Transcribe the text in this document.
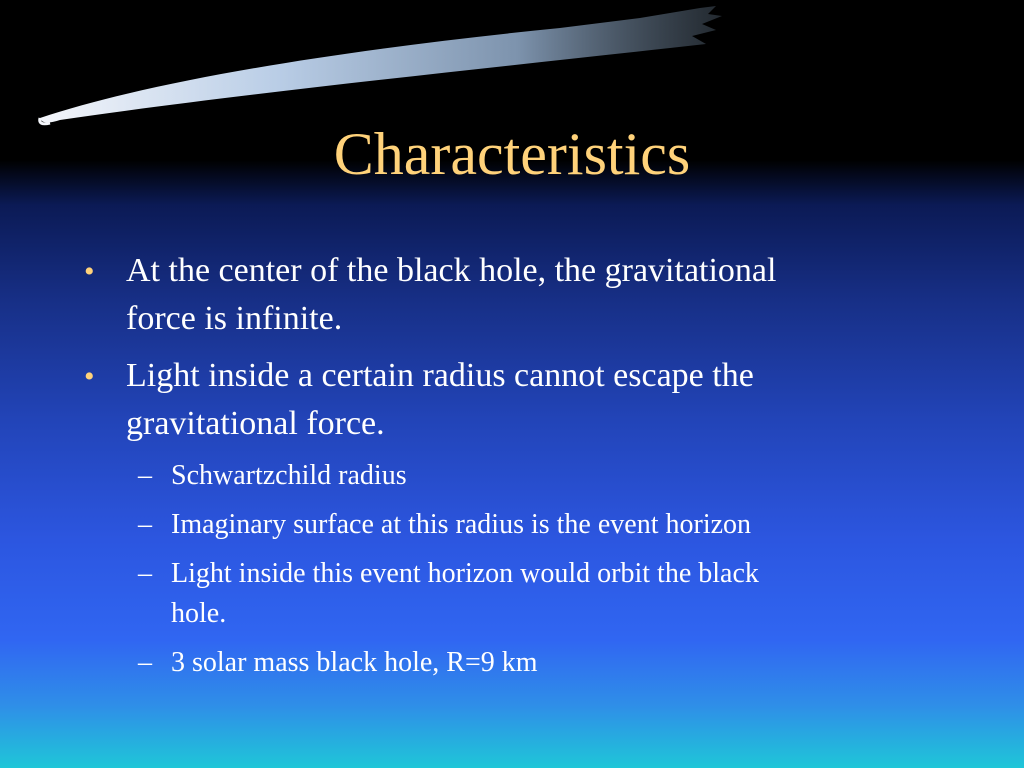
Characteristics
• At the center of the black hole, the gravitational
force is infinite.
• Light inside a certain radius cannot escape the
gravitational force.
– Schwartzchild radius
– Imaginary surface at this radius is the event horizon
– Light inside this event horizon would orbit the black
hole.
– 3 solar mass black hole, R=9 km
